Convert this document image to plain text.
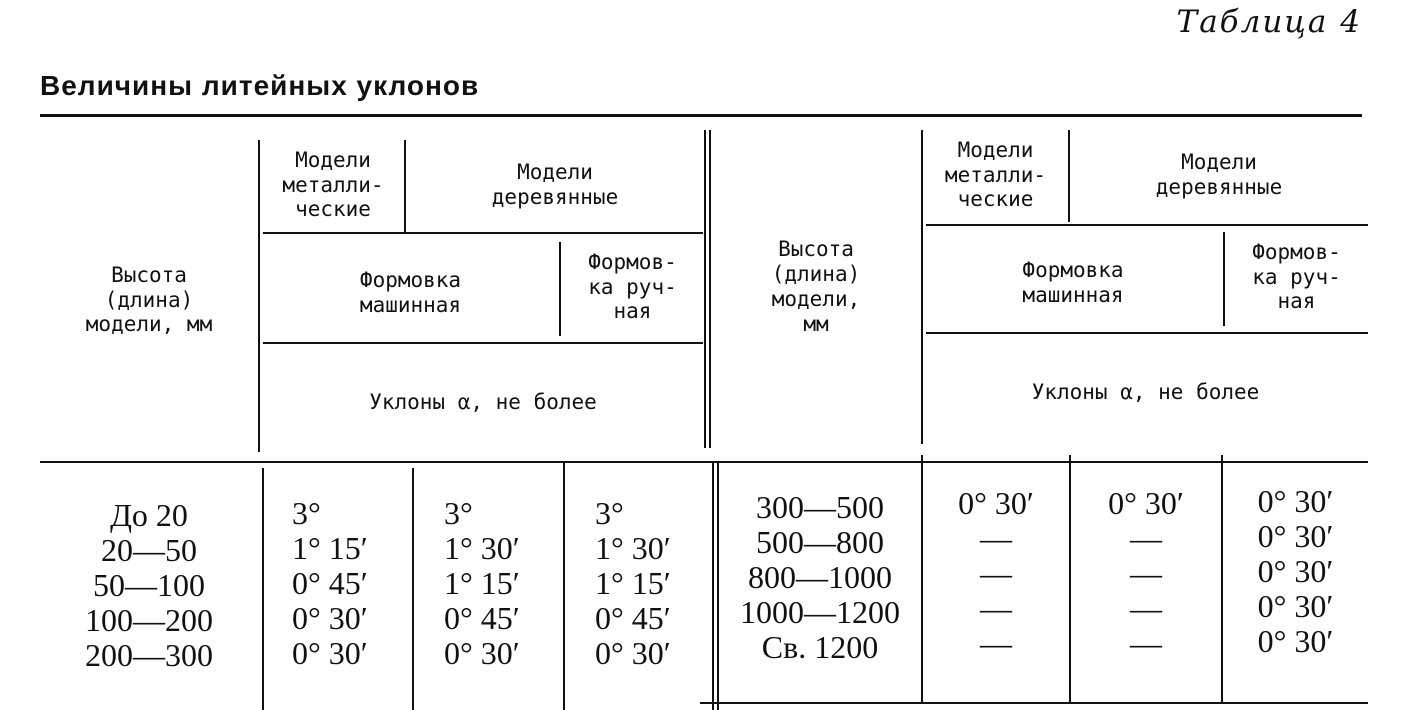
Таблица 4
Величины литейных уклонов
Высота
(длина)
модели, мм
Модели
металли-
ческие
Модели
деревянные
Формовка
машинная
Формов-
ка руч-
ная
Уклоны α, не более
Высота
(длина)
модели,
мм
Модели
металли-
ческие
Модели
деревянные
Формовка
машинная
Формов-
ка руч-
ная
Уклоны α, не более
До 20
20—50
50—100
100—200
200—300
3°
1° 15′
0° 45′
0° 30′
0° 30′
3°
1° 30′
1° 15′
0° 45′
0° 30′
3°
1° 30′
1° 15′
0° 45′
0° 30′
300—500
500—800
800—1000
1000—1200
Св. 1200
0° 30′
—
—
—
—
0° 30′
—
—
—
—
0° 30′
0° 30′
0° 30′
0° 30′
0° 30′
